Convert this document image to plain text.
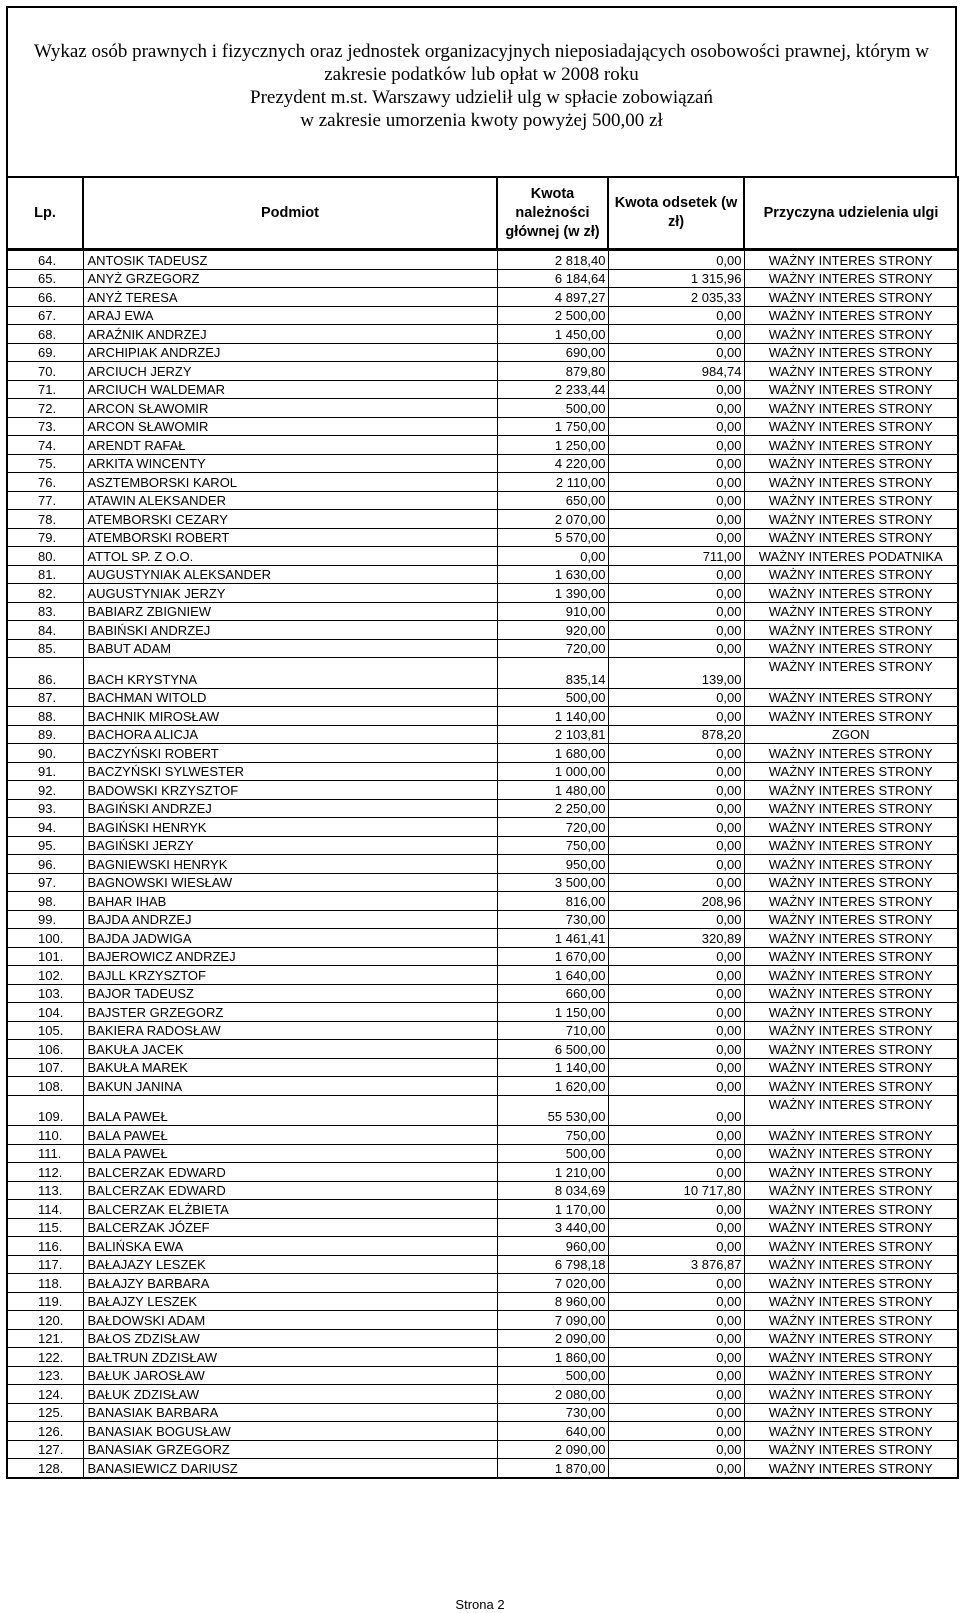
Wykaz osób prawnych i fizycznych oraz jednostek organizacyjnych nieposiadających osobowości prawnej, którym w
zakresie podatków lub opłat w 2008 roku
Prezydent m.st. Warszawy udzielił ulg w spłacie zobowiązań
w zakresie umorzenia kwoty powyżej 500,00 zł
Lp.	Podmiot	Kwota należności głównej (w zł)	Kwota odsetek (w zł)	Przyczyna udzielenia ulgi
64.	ANTOSIK TADEUSZ	2 818,40	0,00	WAŻNY INTERES STRONY
65.	ANYŻ GRZEGORZ	6 184,64	1 315,96	WAŻNY INTERES STRONY
66.	ANYŻ TERESA	4 897,27	2 035,33	WAŻNY INTERES STRONY
67.	ARAJ EWA	2 500,00	0,00	WAŻNY INTERES STRONY
68.	ARAŹNIK ANDRZEJ	1 450,00	0,00	WAŻNY INTERES STRONY
69.	ARCHIPIAK ANDRZEJ	690,00	0,00	WAŻNY INTERES STRONY
70.	ARCIUCH JERZY	879,80	984,74	WAŻNY INTERES STRONY
71.	ARCIUCH WALDEMAR	2 233,44	0,00	WAŻNY INTERES STRONY
72.	ARCON SŁAWOMIR	500,00	0,00	WAŻNY INTERES STRONY
73.	ARCON SŁAWOMIR	1 750,00	0,00	WAŻNY INTERES STRONY
74.	ARENDT RAFAŁ	1 250,00	0,00	WAŻNY INTERES STRONY
75.	ARKITA WINCENTY	4 220,00	0,00	WAŻNY INTERES STRONY
76.	ASZTEMBORSKI KAROL	2 110,00	0,00	WAŻNY INTERES STRONY
77.	ATAWIN ALEKSANDER	650,00	0,00	WAŻNY INTERES STRONY
78.	ATEMBORSKI CEZARY	2 070,00	0,00	WAŻNY INTERES STRONY
79.	ATEMBORSKI ROBERT	5 570,00	0,00	WAŻNY INTERES STRONY
80.	ATTOL SP. Z O.O.	0,00	711,00	WAŻNY INTERES PODATNIKA
81.	AUGUSTYNIAK ALEKSANDER	1 630,00	0,00	WAŻNY INTERES STRONY
82.	AUGUSTYNIAK JERZY	1 390,00	0,00	WAŻNY INTERES STRONY
83.	BABIARZ ZBIGNIEW	910,00	0,00	WAŻNY INTERES STRONY
84.	BABIŃSKI ANDRZEJ	920,00	0,00	WAŻNY INTERES STRONY
85.	BABUT ADAM	720,00	0,00	WAŻNY INTERES STRONY
86.	BACH KRYSTYNA	835,14	139,00	WAŻNY INTERES STRONY
87.	BACHMAN WITOLD	500,00	0,00	WAŻNY INTERES STRONY
88.	BACHNIK MIROSŁAW	1 140,00	0,00	WAŻNY INTERES STRONY
89.	BACHORA ALICJA	2 103,81	878,20	ZGON
90.	BACZYŃSKI ROBERT	1 680,00	0,00	WAŻNY INTERES STRONY
91.	BACZYŃSKI SYLWESTER	1 000,00	0,00	WAŻNY INTERES STRONY
92.	BADOWSKI KRZYSZTOF	1 480,00	0,00	WAŻNY INTERES STRONY
93.	BAGIŃSKI ANDRZEJ	2 250,00	0,00	WAŻNY INTERES STRONY
94.	BAGIŃSKI HENRYK	720,00	0,00	WAŻNY INTERES STRONY
95.	BAGIŃSKI JERZY	750,00	0,00	WAŻNY INTERES STRONY
96.	BAGNIEWSKI HENRYK	950,00	0,00	WAŻNY INTERES STRONY
97.	BAGNOWSKI WIESŁAW	3 500,00	0,00	WAŻNY INTERES STRONY
98.	BAHAR IHAB	816,00	208,96	WAŻNY INTERES STRONY
99.	BAJDA ANDRZEJ	730,00	0,00	WAŻNY INTERES STRONY
100.	BAJDA JADWIGA	1 461,41	320,89	WAŻNY INTERES STRONY
101.	BAJEROWICZ ANDRZEJ	1 670,00	0,00	WAŻNY INTERES STRONY
102.	BAJLL KRZYSZTOF	1 640,00	0,00	WAŻNY INTERES STRONY
103.	BAJOR TADEUSZ	660,00	0,00	WAŻNY INTERES STRONY
104.	BAJSTER GRZEGORZ	1 150,00	0,00	WAŻNY INTERES STRONY
105.	BAKIERA RADOSŁAW	710,00	0,00	WAŻNY INTERES STRONY
106.	BAKUŁA JACEK	6 500,00	0,00	WAŻNY INTERES STRONY
107.	BAKUŁA MAREK	1 140,00	0,00	WAŻNY INTERES STRONY
108.	BAKUN JANINA	1 620,00	0,00	WAŻNY INTERES STRONY
109.	BALA PAWEŁ	55 530,00	0,00	WAŻNY INTERES STRONY
110.	BALA PAWEŁ	750,00	0,00	WAŻNY INTERES STRONY
111.	BALA PAWEŁ	500,00	0,00	WAŻNY INTERES STRONY
112.	BALCERZAK EDWARD	1 210,00	0,00	WAŻNY INTERES STRONY
113.	BALCERZAK EDWARD	8 034,69	10 717,80	WAŻNY INTERES STRONY
114.	BALCERZAK ELŻBIETA	1 170,00	0,00	WAŻNY INTERES STRONY
115.	BALCERZAK JÓZEF	3 440,00	0,00	WAŻNY INTERES STRONY
116.	BALIŃSKA EWA	960,00	0,00	WAŻNY INTERES STRONY
117.	BAŁAJAZY LESZEK	6 798,18	3 876,87	WAŻNY INTERES STRONY
118.	BAŁAJZY BARBARA	7 020,00	0,00	WAŻNY INTERES STRONY
119.	BAŁAJZY LESZEK	8 960,00	0,00	WAŻNY INTERES STRONY
120.	BAŁDOWSKI ADAM	7 090,00	0,00	WAŻNY INTERES STRONY
121.	BAŁOS ZDZISŁAW	2 090,00	0,00	WAŻNY INTERES STRONY
122.	BAŁTRUN ZDZISŁAW	1 860,00	0,00	WAŻNY INTERES STRONY
123.	BAŁUK JAROSŁAW	500,00	0,00	WAŻNY INTERES STRONY
124.	BAŁUK ZDZISŁAW	2 080,00	0,00	WAŻNY INTERES STRONY
125.	BANASIAK BARBARA	730,00	0,00	WAŻNY INTERES STRONY
126.	BANASIAK BOGUSŁAW	640,00	0,00	WAŻNY INTERES STRONY
127.	BANASIAK GRZEGORZ	2 090,00	0,00	WAŻNY INTERES STRONY
128.	BANASIEWICZ DARIUSZ	1 870,00	0,00	WAŻNY INTERES STRONY
Strona 2
